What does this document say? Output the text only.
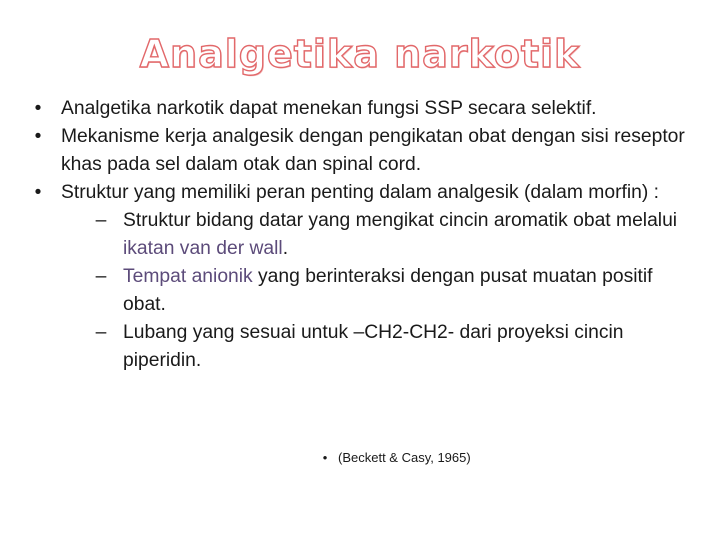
Analgetika narkotik
•	Analgetika narkotik dapat menekan fungsi SSP secara selektif.
•	Mekanisme kerja analgesik dengan pengikatan obat dengan sisi reseptor khas pada sel dalam otak dan spinal cord.
•	Struktur yang memiliki peran penting dalam analgesik (dalam morfin) :
– Struktur bidang datar yang mengikat cincin aromatik obat melalui ikatan van der wall.
– Tempat anionik yang berinteraksi dengan pusat muatan positif obat.
– Lubang yang sesuai untuk –CH2-CH2- dari proyeksi cincin piperidin.
• (Beckett & Casy, 1965)
